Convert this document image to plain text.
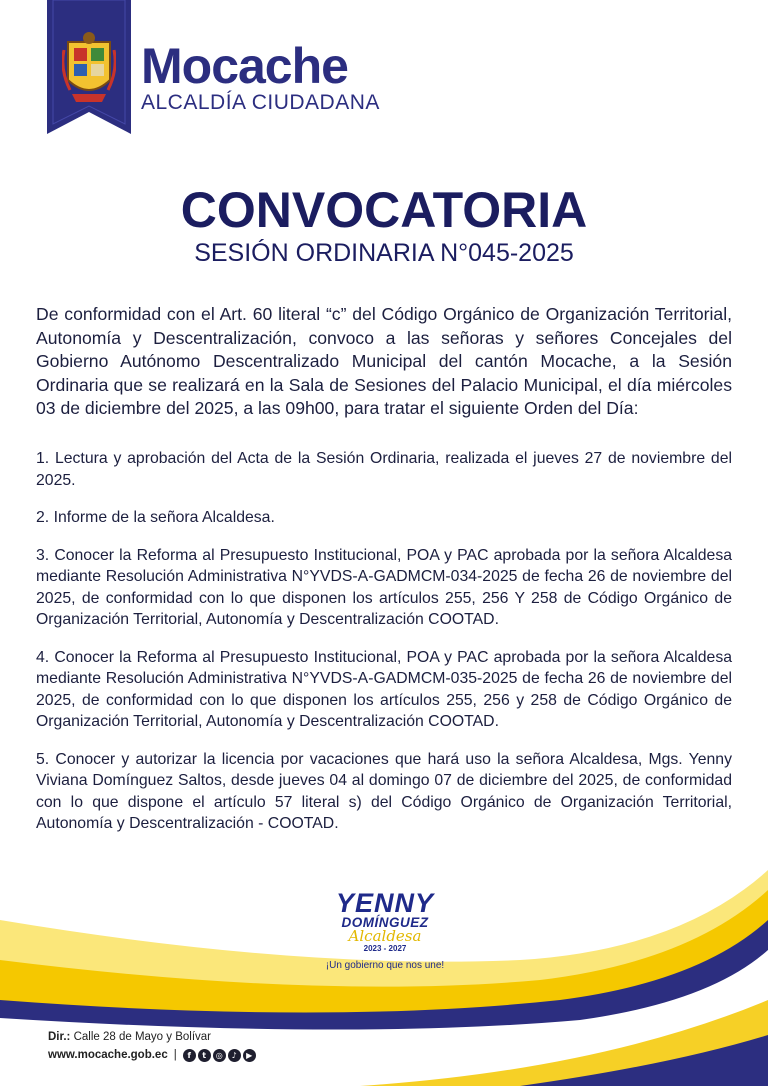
Mocache
ALCALDÍA CIUDADANA
CONVOCATORIA
SESIÓN ORDINARIA N°045-2025

De conformidad con el Art. 60 literal “c” del Código Orgánico de Organización Territorial, Autonomía y Descentralización, convoco a las señoras y señores Concejales del Gobierno Autónomo Descentralizado Municipal del cantón Mocache, a la Sesión Ordinaria que se realizará en la Sala de Sesiones del Palacio Municipal, el día miércoles 03 de diciembre del 2025, a las 09h00, para tratar el siguiente Orden del Día:

1. Lectura y aprobación del Acta de la Sesión Ordinaria, realizada el jueves 27 de noviembre del 2025.

2. Informe de la señora Alcaldesa.

3. Conocer la Reforma al Presupuesto Institucional, POA y PAC aprobada por la señora Alcaldesa mediante Resolución Administrativa N°YVDS-A-GADMCM-034-2025 de fecha 26 de noviembre del 2025, de conformidad con lo que disponen los artículos 255, 256 Y 258 de Código Orgánico de Organización Territorial, Autonomía y Descentralización COOTAD.

4. Conocer la Reforma al Presupuesto Institucional, POA y PAC aprobada por la señora Alcaldesa mediante Resolución Administrativa N°YVDS-A-GADMCM-035-2025 de fecha 26 de noviembre del 2025, de conformidad con lo que disponen los artículos 255, 256 y 258 de Código Orgánico de Organización Territorial, Autonomía y Descentralización COOTAD.

5. Conocer y autorizar la licencia por vacaciones que hará uso la señora Alcaldesa, Mgs. Yenny Viviana Domínguez Saltos, desde jueves 04 al domingo 07 de diciembre del 2025, de conformidad con lo que dispone el artículo 57 literal s) del Código Orgánico de Organización Territorial, Autonomía y Descentralización - COOTAD.

YENNY
DOMÍNGUEZ
Alcaldesa
2023 - 2027
¡Un gobierno que nos une!
Dir.: Calle 28 de Mayo y Bolívar
www.mocache.gob.ec |	f	t	◎	♪	▶
